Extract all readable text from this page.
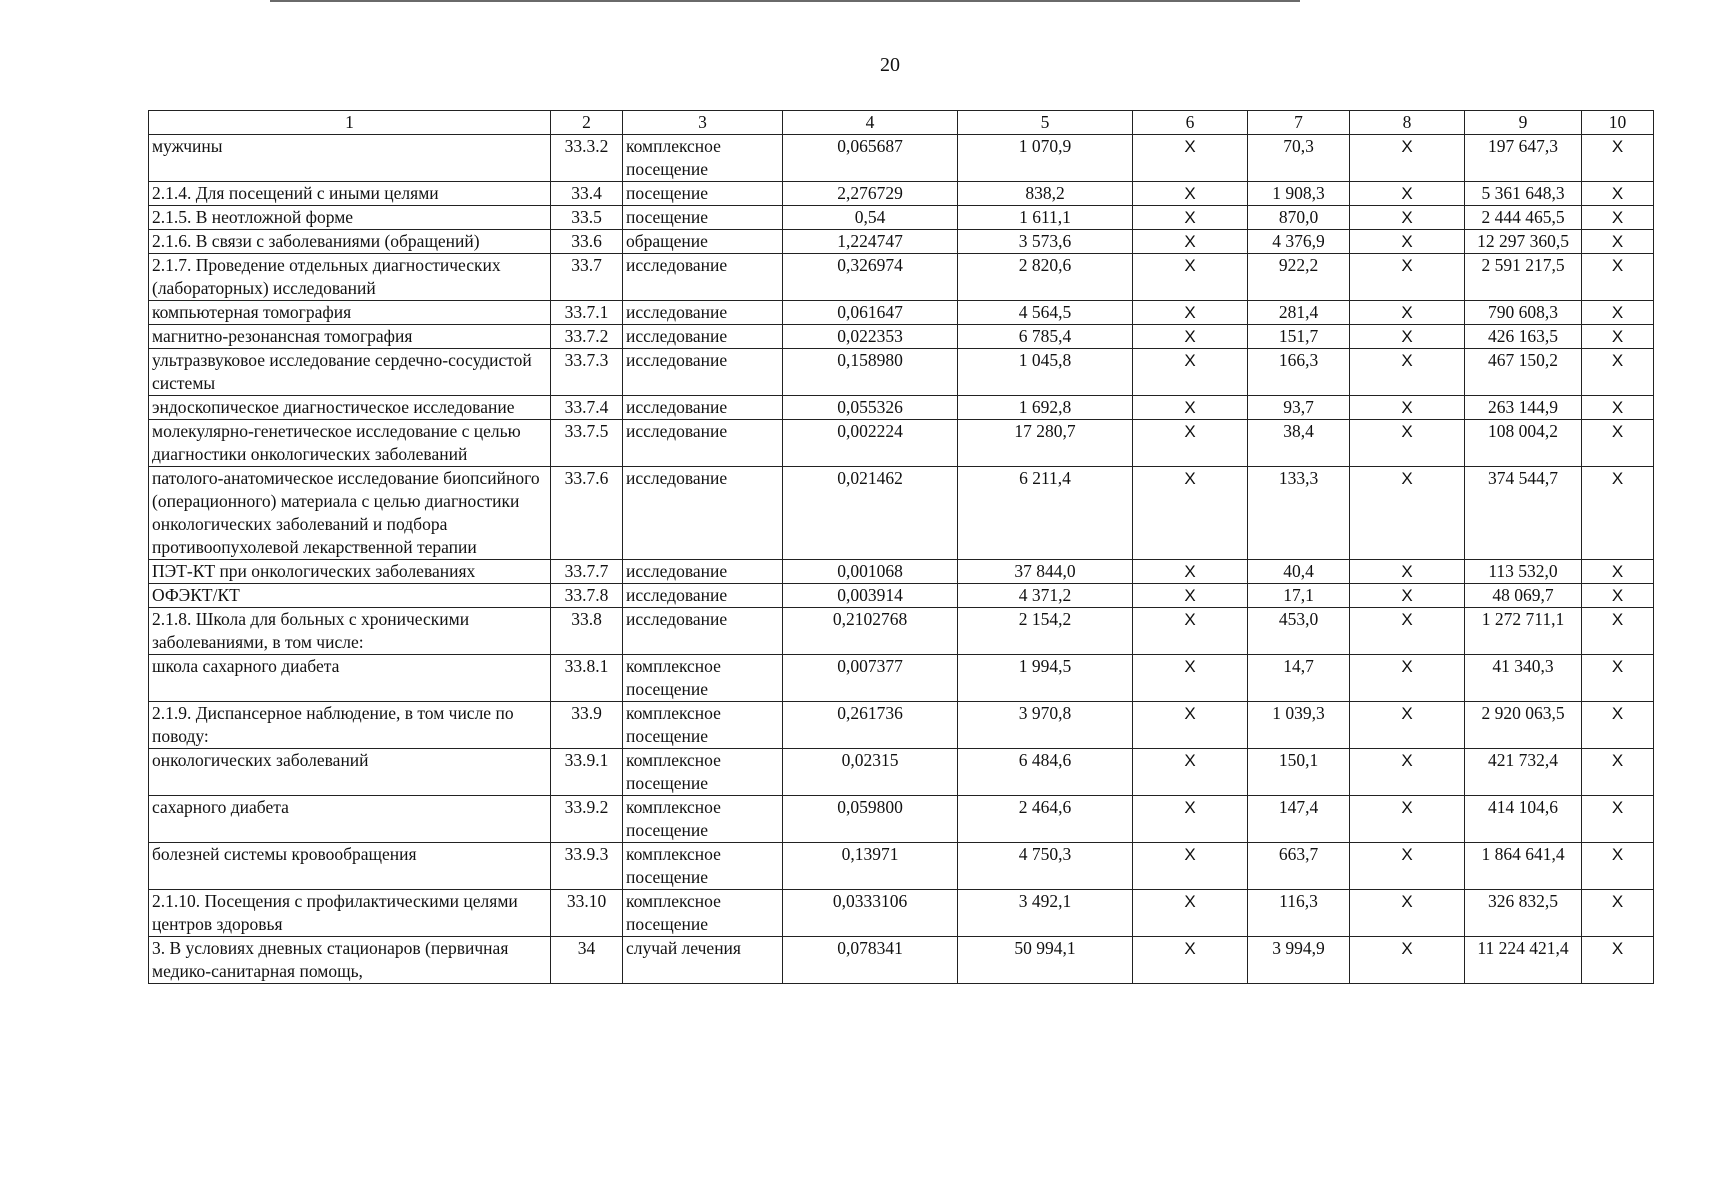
20
1	2	3	4	5	6	7	8	9	10
мужчины	33.3.2	комплексное посещение	0,065687	1 070,9	X	70,3	X	197 647,3	X
2.1.4. Для посещений с иными целями	33.4	посещение	2,276729	838,2	X	1 908,3	X	5 361 648,3	X
2.1.5. В неотложной форме	33.5	посещение	0,54	1 611,1	X	870,0	X	2 444 465,5	X
2.1.6. В связи с заболеваниями (обращений)	33.6	обращение	1,224747	3 573,6	X	4 376,9	X	12 297 360,5	X
2.1.7. Проведение отдельных диагностических (лабораторных) исследований	33.7	исследование	0,326974	2 820,6	X	922,2	X	2 591 217,5	X
компьютерная томография	33.7.1	исследование	0,061647	4 564,5	X	281,4	X	790 608,3	X
магнитно-резонансная томография	33.7.2	исследование	0,022353	6 785,4	X	151,7	X	426 163,5	X
ультразвуковое исследование сердечно-сосудистой системы	33.7.3	исследование	0,158980	1 045,8	X	166,3	X	467 150,2	X
эндоскопическое диагностическое исследование	33.7.4	исследование	0,055326	1 692,8	X	93,7	X	263 144,9	X
молекулярно-генетическое исследование с целью диагностики онкологических заболеваний	33.7.5	исследование	0,002224	17 280,7	X	38,4	X	108 004,2	X
патолого-анатомическое исследование биопсийного (операционного) материала с целью диагностики онкологических заболеваний и подбора противоопухолевой лекарственной терапии	33.7.6	исследование	0,021462	6 211,4	X	133,3	X	374 544,7	X
ПЭТ-КТ при онкологических заболеваниях	33.7.7	исследование	0,001068	37 844,0	X	40,4	X	113 532,0	X
ОФЭКТ/КТ	33.7.8	исследование	0,003914	4 371,2	X	17,1	X	48 069,7	X
2.1.8. Школа для больных с хроническими заболеваниями, в том числе:	33.8	исследование	0,2102768	2 154,2	X	453,0	X	1 272 711,1	X
школа сахарного диабета	33.8.1	комплексное посещение	0,007377	1 994,5	X	14,7	X	41 340,3	X
2.1.9. Диспансерное наблюдение, в том числе по поводу:	33.9	комплексное посещение	0,261736	3 970,8	X	1 039,3	X	2 920 063,5	X
онкологических заболеваний	33.9.1	комплексное посещение	0,02315	6 484,6	X	150,1	X	421 732,4	X
сахарного диабета	33.9.2	комплексное посещение	0,059800	2 464,6	X	147,4	X	414 104,6	X
болезней системы кровообращения	33.9.3	комплексное посещение	0,13971	4 750,3	X	663,7	X	1 864 641,4	X
2.1.10. Посещения с профилактическими целями центров здоровья	33.10	комплексное посещение	0,0333106	3 492,1	X	116,3	X	326 832,5	X
3. В условиях дневных стационаров (первичная медико-санитарная помощь,	34	случай лечения	0,078341	50 994,1	X	3 994,9	X	11 224 421,4	X
